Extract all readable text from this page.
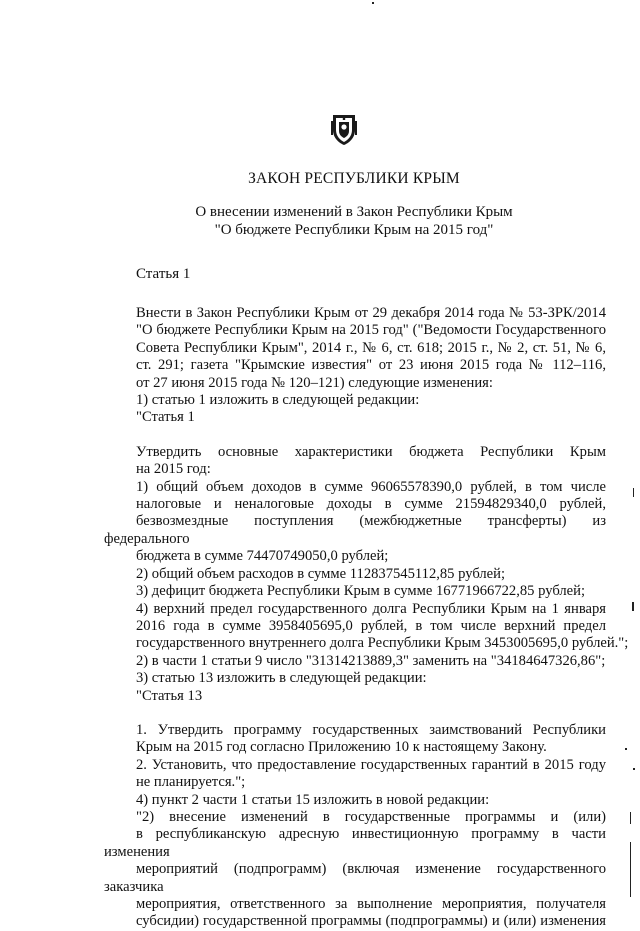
ЗАКОН РЕСПУБЛИКИ КРЫМ
О внесении изменений в Закон Республики Крым
"О бюджете Республики Крым на 2015 год"
Статья 1
Внести в Закон Республики Крым от 29 декабря 2014 года № 53-ЗРК/2014
"О бюджете Республики Крым на 2015 год" ("Ведомости Государственного
Совета Республики Крым", 2014 г., № 6, ст. 618; 2015 г., № 2, ст. 51, № 6,
ст. 291; газета "Крымские известия" от 23 июня 2015 года № 112–116,
от 27 июня 2015 года № 120–121) следующие изменения:
1) статью 1 изложить в следующей редакции:
"Статья 1
Утвердить основные характеристики бюджета Республики Крым
на 2015 год:
1) общий объем доходов в сумме 96065578390,0 рублей, в том числе
налоговые и неналоговые доходы в сумме 21594829340,0 рублей,
безвозмездные поступления (межбюджетные трансферты) из федерального
бюджета в сумме 74470749050,0 рублей;
2) общий объем расходов в сумме 112837545112,85 рублей;
3) дефицит бюджета Республики Крым в сумме 16771966722,85 рублей;
4) верхний предел государственного долга Республики Крым на 1 января
2016 года в сумме 3958405695,0 рублей, в том числе верхний предел
государственного внутреннего долга Республики Крым 3453005695,0 рублей.";
2) в части 1 статьи 9 число "31314213889,3" заменить на "34184647326,86";
3) статью 13 изложить в следующей редакции:
"Статья 13
1. Утвердить программу государственных заимствований Республики
Крым на 2015 год согласно Приложению 10 к настоящему Закону.
2. Установить, что предоставление государственных гарантий в 2015 году
не планируется.";
4) пункт 2 части 1 статьи 15 изложить в новой редакции:
"2) внесение изменений в государственные программы и (или)
в республиканскую адресную инвестиционную программу в части изменения
мероприятий (подпрограмм) (включая изменение государственного заказчика
мероприятия, ответственного за выполнение мероприятия, получателя
субсидии) государственной программы (подпрограммы) и (или) изменения
